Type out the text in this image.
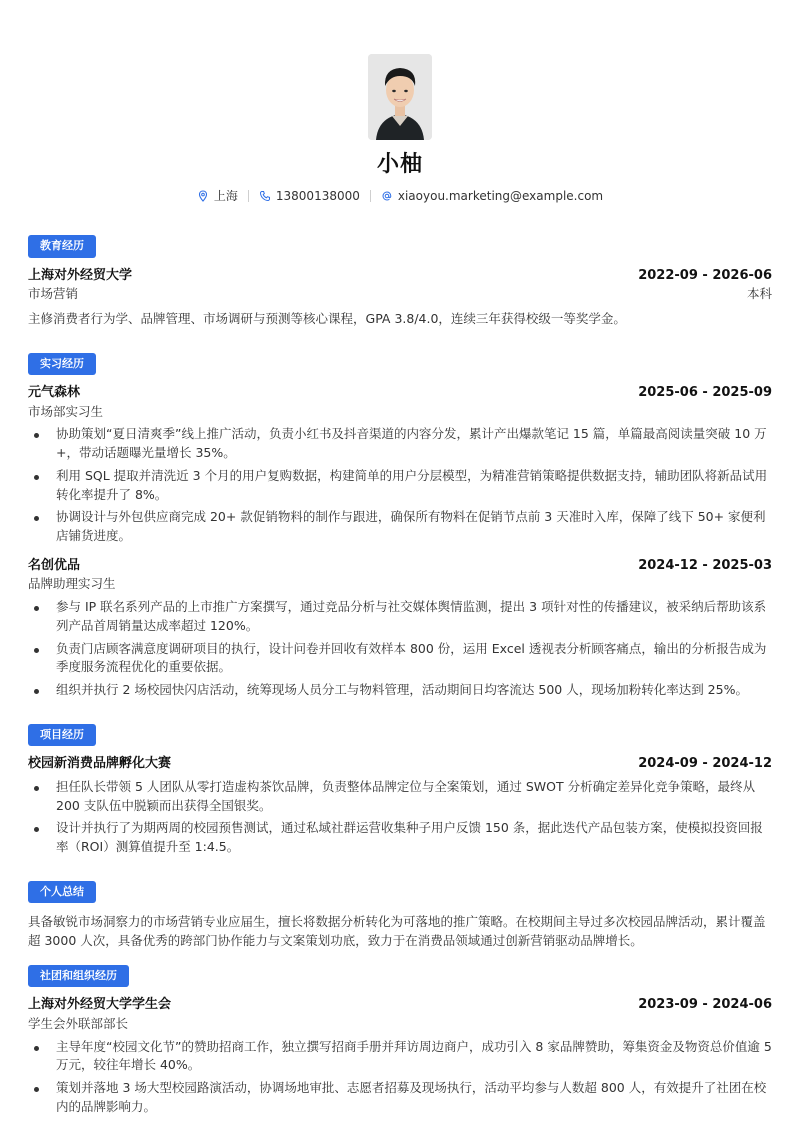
小柚
上海	13800138000	xiaoyou.marketing@example.com
教育经历
上海对外经贸大学	2022-09 - 2026-06
市场营销	本科
主修消费者行为学、品牌管理、市场调研与预测等核心课程，GPA 3.8/4.0，连续三年获得校级一等奖学金。
实习经历
元气森林	2025-06 - 2025-09
市场部实习生
协助策划“夏日清爽季”线上推广活动，负责小红书及抖音渠道的内容分发，累计产出爆款笔记 15 篇，单篇最高阅读量突破 10 万+，带动话题曝光量增长 35%。
利用 SQL 提取并清洗近 3 个月的用户复购数据，构建简单的用户分层模型，为精准营销策略提供数据支持，辅助团队将新品试用转化率提升了 8%。
协调设计与外包供应商完成 20+ 款促销物料的制作与跟进，确保所有物料在促销节点前 3 天准时入库，保障了线下 50+ 家便利店铺货进度。
名创优品	2024-12 - 2025-03
品牌助理实习生
参与 IP 联名系列产品的上市推广方案撰写，通过竞品分析与社交媒体舆情监测，提出 3 项针对性的传播建议，被采纳后帮助该系列产品首周销量达成率超过 120%。
负责门店顾客满意度调研项目的执行，设计问卷并回收有效样本 800 份，运用 Excel 透视表分析顾客痛点，输出的分析报告成为季度服务流程优化的重要依据。
组织并执行 2 场校园快闪店活动，统筹现场人员分工与物料管理，活动期间日均客流达 500 人，现场加粉转化率达到 25%。
项目经历
校园新消费品牌孵化大赛	2024-09 - 2024-12
担任队长带领 5 人团队从零打造虚构茶饮品牌，负责整体品牌定位与全案策划，通过 SWOT 分析确定差异化竞争策略，最终从 200 支队伍中脱颖而出获得全国银奖。
设计并执行了为期两周的校园预售测试，通过私域社群运营收集种子用户反馈 150 条，据此迭代产品包装方案，使模拟投资回报率（ROI）测算值提升至 1:4.5。
个人总结
具备敏锐市场洞察力的市场营销专业应届生，擅长将数据分析转化为可落地的推广策略。在校期间主导过多次校园品牌活动，累计覆盖超 3000 人次，具备优秀的跨部门协作能力与文案策划功底，致力于在消费品领域通过创新营销驱动品牌增长。
社团和组织经历
上海对外经贸大学学生会	2023-09 - 2024-06
学生会外联部部长
主导年度“校园文化节”的赞助招商工作，独立撰写招商手册并拜访周边商户，成功引入 8 家品牌赞助，筹集资金及物资总价值逾 5 万元，较往年增长 40%。
策划并落地 3 场大型校园路演活动，协调场地审批、志愿者招募及现场执行，活动平均参与人数超 800 人，有效提升了社团在校内的品牌影响力。
